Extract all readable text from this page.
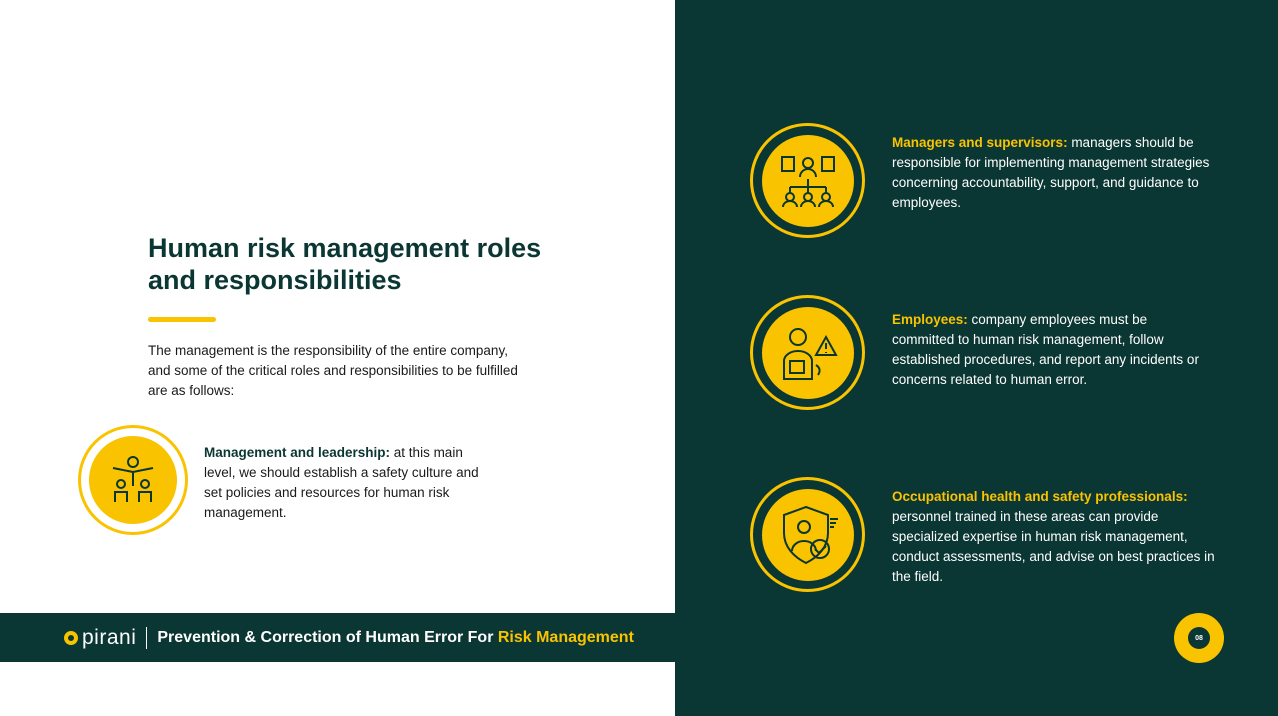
Human risk management roles and responsibilities

The management is the responsibility of the entire company, and some of the critical roles and responsibilities to be fulfilled are as follows:

Management and leadership: at this main level, we should establish a safety culture and set policies and resources for human risk management.
Managers and supervisors: managers should be responsible for implementing management strategies concerning accountability, support, and guidance to employees.
Employees: company employees must be committed to human risk management, follow established procedures, and report any incidents or concerns related to human error.
Occupational health and safety professionals: personnel trained in these areas can provide specialized expertise in human risk management, conduct assessments, and advise on best practices in the field.
pirani Prevention & Correction of Human Error For Risk Management	08
